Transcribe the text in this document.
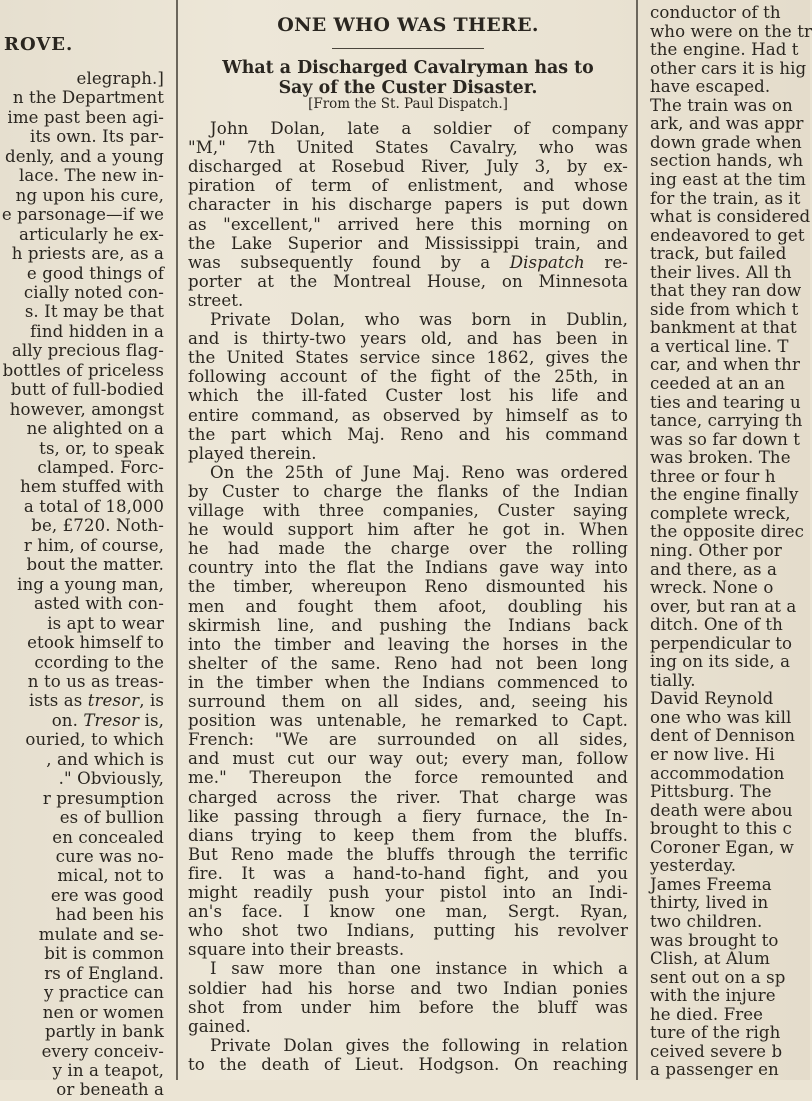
ROVE.
elegraph.]
n the Department
ime past been agi-
its own. Its par-
denly, and a young
lace. The new in-
ng upon his cure,
e parsonage—if we
articularly he ex-
h priests are, as a
e good things of
cially noted con-
s. It may be that
find hidden in a
ally precious flag-
bottles of priceless
butt of full-bodied
however, amongst
ne alighted on a
ts, or, to speak
clamped. Forc-
hem stuffed with
a total of 18,000
be, £720. Noth-
r him, of course,
bout the matter.
ing a young man,
asted with con-
is apt to wear
etook himself to
ccording to the
n to us as treas-
ists as tresor, is
on. Tresor is,
ouried, to which
, and which is
." Obviously,
r presumption
es of bullion
en concealed
cure was no-
mical, not to
ere was good
had been his
mulate and se-
bit is common
rs of England.
y practice can
nen or women
partly in bank
every conceiv-
y in a teapot,
or beneath a
ONE WHO WAS THERE.
What a Discharged Cavalryman has to
Say of the Custer Disaster.
[From the St. Paul Dispatch.]
John Dolan, late a soldier of company
"M," 7th United States Cavalry, who was
discharged at Rosebud River, July 3, by ex-
piration of term of enlistment, and whose
character in his discharge papers is put down
as "excellent," arrived here this morning on
the Lake Superior and Mississippi train, and
was subsequently found by a Dispatch re-
porter at the Montreal House, on Minnesota
street.
Private Dolan, who was born in Dublin,
and is thirty-two years old, and has been in
the United States service since 1862, gives the
following account of the fight of the 25th, in
which the ill-fated Custer lost his life and
entire command, as observed by himself as to
the part which Maj. Reno and his command
played therein.
On the 25th of June Maj. Reno was ordered
by Custer to charge the flanks of the Indian
village with three companies, Custer saying
he would support him after he got in. When
he had made the charge over the rolling
country into the flat the Indians gave way into
the timber, whereupon Reno dismounted his
men and fought them afoot, doubling his
skirmish line, and pushing the Indians back
into the timber and leaving the horses in the
shelter of the same. Reno had not been long
in the timber when the Indians commenced to
surround them on all sides, and, seeing his
position was untenable, he remarked to Capt.
French: "We are surrounded on all sides,
and must cut our way out; every man, follow
me." Thereupon the force remounted and
charged across the river. That charge was
like passing through a fiery furnace, the In-
dians trying to keep them from the bluffs.
But Reno made the bluffs through the terrific
fire. It was a hand-to-hand fight, and you
might readily push your pistol into an Indi-
an's face. I know one man, Sergt. Ryan,
who shot two Indians, putting his revolver
square into their breasts.
I saw more than one instance in which a
soldier had his horse and two Indian ponies
shot from under him before the bluff was
gained.
Private Dolan gives the following in relation
to the death of Lieut. Hodgson. On reaching
conductor of th
who were on the tr
the engine. Had t
other cars it is hig
have escaped.
The train was on
ark, and was appr
down grade when
section hands, wh
ing east at the tim
for the train, as it
what is considered
endeavored to get
track, but failed
their lives. All th
that they ran dow
side from which t
bankment at that
a vertical line. T
car, and when thr
ceeded at an an
ties and tearing u
tance, carrying th
was so far down t
was broken. The
three or four h
the engine finally
complete wreck,
the opposite direc
ning. Other por
and there, as a
wreck. None o
over, but ran at a
ditch. One of th
perpendicular to
ing on its side, a
tially.
David Reynold
one who was kill
dent of Dennison
er now live. Hi
accommodation
Pittsburg. The
death were abou
brought to this c
Coroner Egan, w
yesterday.
James Freema
thirty, lived in
two children.
was brought to
Clish, at Alum
sent out on a sp
with the injure
he died. Free
ture of the righ
ceived severe b
a passenger en
